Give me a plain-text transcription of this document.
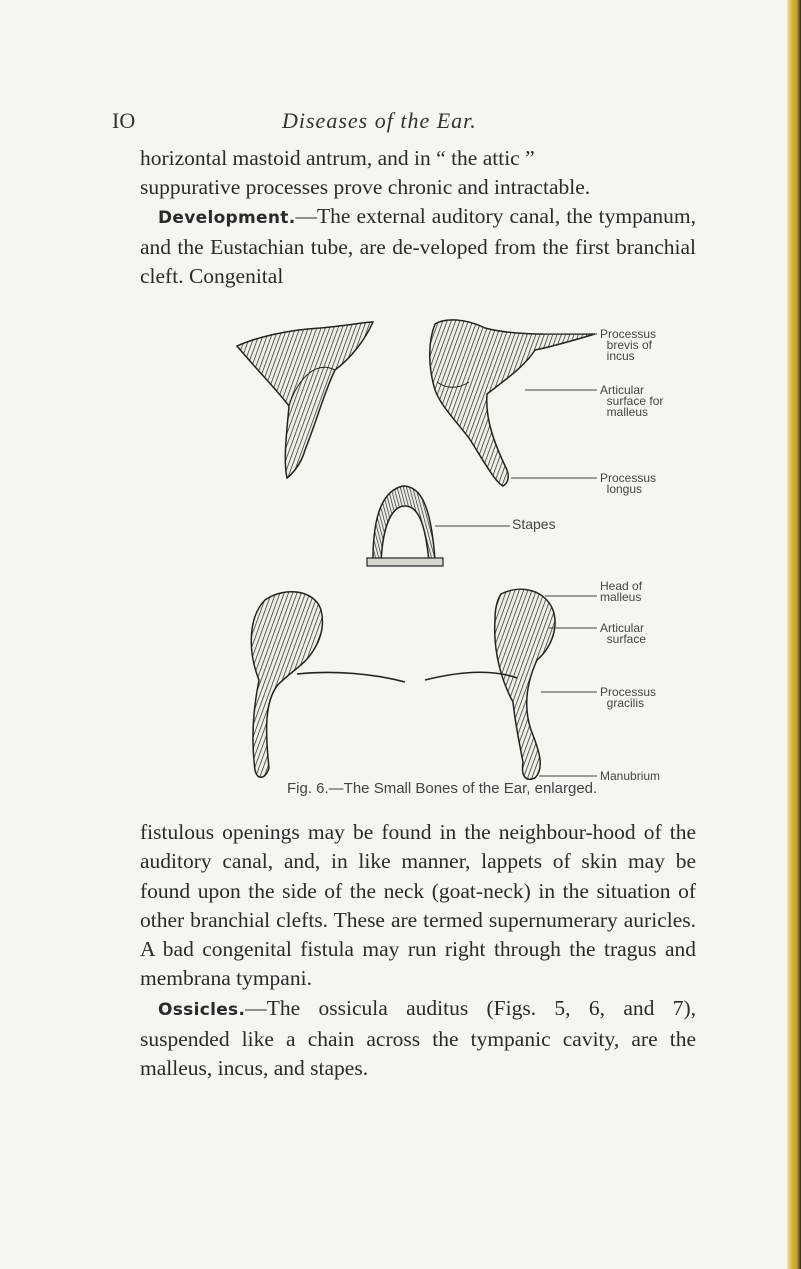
IO	Diseases of the Ear.

horizontal mastoid antrum, and in “ the attic ”

suppurative processes prove chronic and intractable.

Development.—The external auditory canal, the tympanum, and the Eustachian tube, are de-veloped from the first branchial cleft. Congenital

Processus
brevis of
incus
Articular
surface for
malleus
Processus
longus
Stapes
Head of
malleus
Articular
surface
Processus
gracilis
Manubrium
Fig. 6.—The Small Bones of the Ear, enlarged.

fistulous openings may be found in the neighbour-hood of the auditory canal, and, in like manner, lappets of skin may be found upon the side of the neck (goat-neck) in the situation of other branchial clefts. These are termed supernumerary auricles. A bad congenital fistula may run right through the tragus and membrana tympani.

Ossicles.—The ossicula auditus (Figs. 5, 6, and 7), suspended like a chain across the tympanic cavity, are the malleus, incus, and stapes.
